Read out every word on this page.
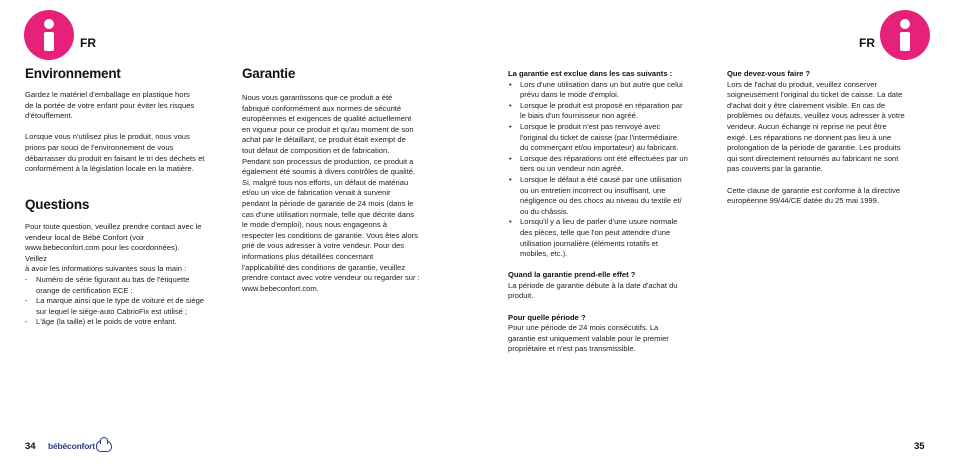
FR
Environnement

Gardez le matériel d'emballage en plastique hors
de la portée de votre enfant pour éviter les risques
d'étouffement.

Lorsque vous n'utilisez plus le produit, nous vous
prions par souci de l'environnement de vous
débarrasser du produit en faisant le tri des déchets et
conformément à la législation locale en la matière.

Questions

Pour toute question, veuillez prendre contact avec le
vendeur local de Bébé Confort (voir
www.bebeconfort.com pour les coordonnées).
Veillez
à avoir les informations suivantes sous la main :

- Numéro de série figurant au bas de l'étiquette
orange de certification ECE ;
- La marque ainsi que le type de voiture et de siège
sur lequel le siège-auto CabrioFix est utilisé ;
- L'âge (la taille) et le poids de votre enfant.
Garantie

Nous vous garantissons que ce produit a été
fabriqué conformément aux normes de sécurité
européennes et exigences de qualité actuellement
en vigueur pour ce produit et qu'au moment de son
achat par le détaillant, ce produit était exempt de
tout défaut de composition et de fabrication.
Pendant son processus de production, ce produit a
également été soumis à divers contrôles de qualité.
Si, malgré tous nos efforts, un défaut de matériau
et/ou un vice de fabrication venait à survenir
pendant la période de garantie de 24 mois (dans le
cas d'une utilisation normale, telle que décrite dans
le mode d'emploi), nous nous engageons à
respecter les conditions de garantie. Vous êtes alors
prié de vous adresser à votre vendeur. Pour des
informations plus détaillées concernant
l'applicabilité des conditions de garantie, veuillez
prendre contact avec votre vendeur ou regarder sur :
www.bebeconfort.com.

34 bébé confort
FR

La garantie est exclue dans les cas suivants :

• Lors d'une utilisation dans un but autre que celui
prévu dans le mode d'emploi.
• Lorsque le produit est proposé en réparation par
le biais d'un fournisseur non agréé.
• Lorsque le produit n'est pas renvoyé avec
l'original du ticket de caisse (par l'intermédiaire
du commerçant et/ou importateur) au fabricant.
• Lorsque des réparations ont été effectuées par un
tiers ou un vendeur non agréé.
• Lorsque le défaut a été causé par une utilisation
ou un entretien incorrect ou insuffisant, une
négligence ou des chocs au niveau du textile et/
ou du châssis.
• Lorsqu'il y a lieu de parler d'une usure normale
des pièces, telle que l'on peut attendre d'une
utilisation journalière (éléments rotatifs et
mobiles, etc.).

Quand la garantie prend-elle effet ?

La période de garantie débute à la date d'achat du
produit.

Pour quelle période ?

Pour une période de 24 mois consécutifs. La
garantie est uniquement valable pour le premier
propriétaire et n'est pas transmissible.

Que devez-vous faire ?

Lors de l'achat du produit, veuillez conserver
soigneusement l'original du ticket de caisse. La date
d'achat doit y être clairement visible. En cas de
problèmes ou défauts, veuillez vous adresser à votre
vendeur. Aucun échange ni reprise ne peut être
exigé. Les réparations ne donnent pas lieu à une
prolongation de la période de garantie. Les produits
qui sont directement retournés au fabricant ne sont
pas couverts par la garantie.

Cette clause de garantie est conforme à la directive
européenne 99/44/CE datée du 25 mai 1999.

35
